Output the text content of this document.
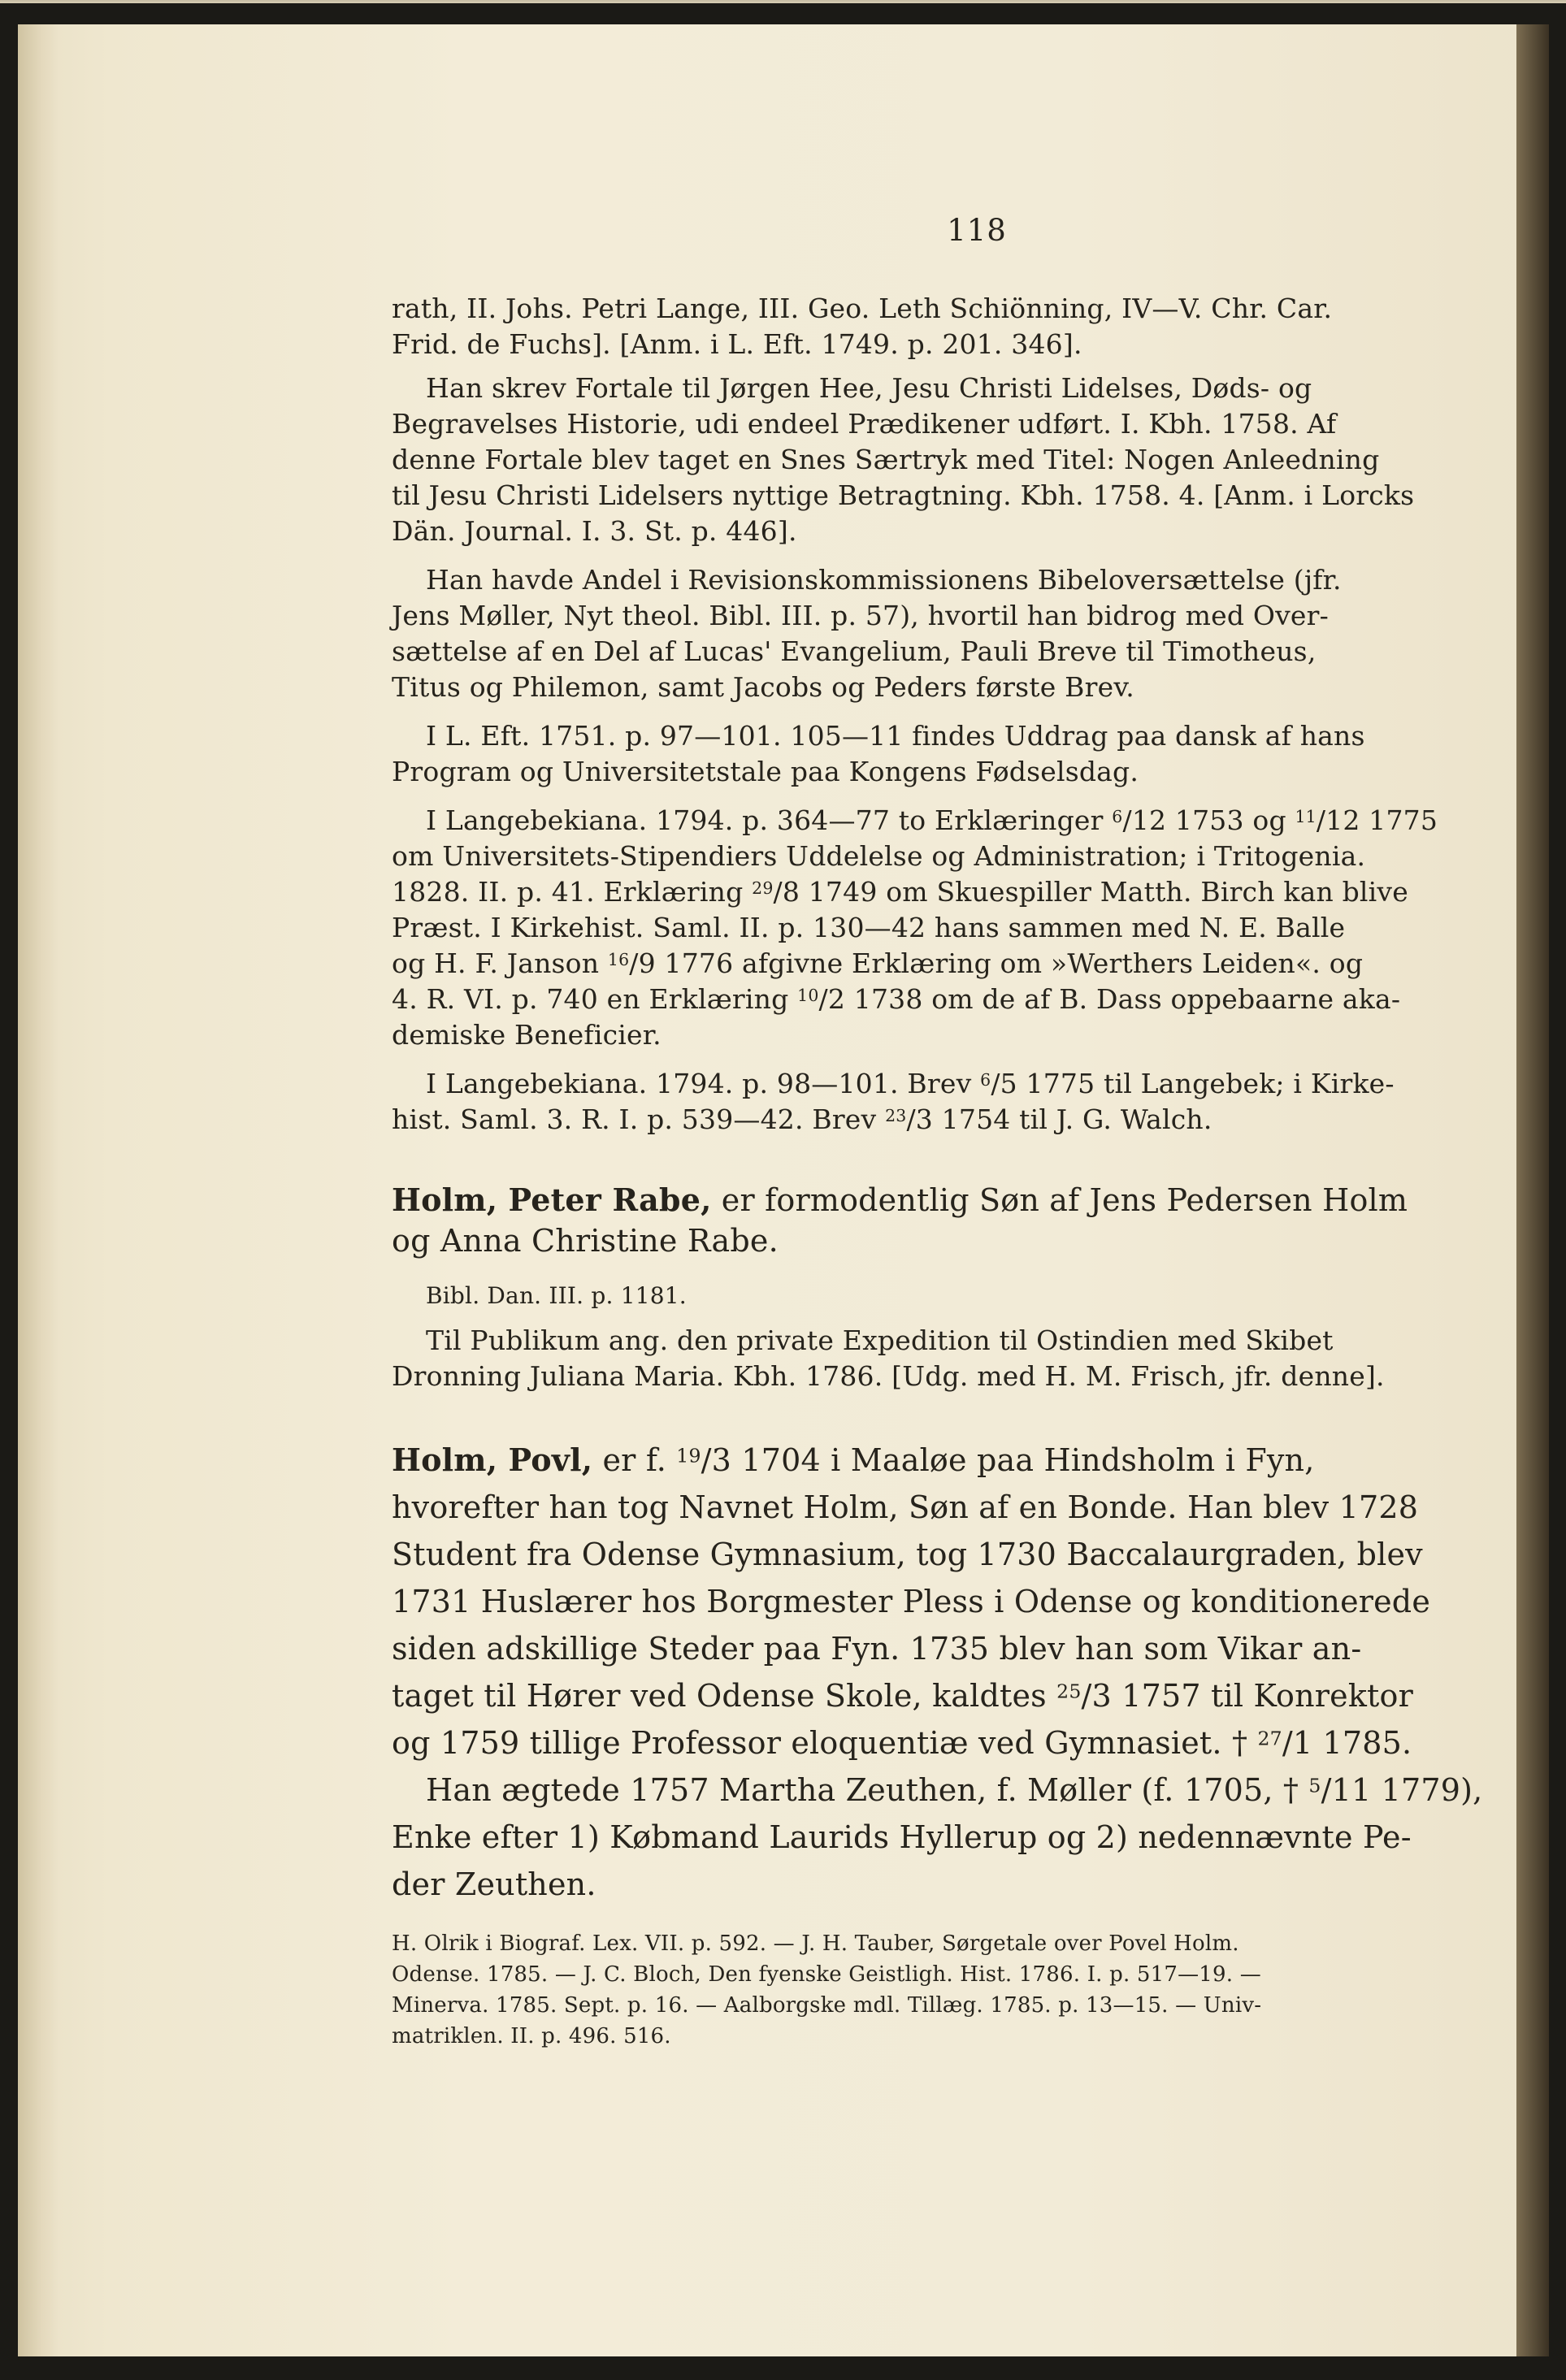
118

rath, II. Johs. Petri Lange, III. Geo. Leth Schiönning, IV—V. Chr. Car.

Frid. de Fuchs]. [Anm. i L. Eft. 1749. p. 201. 346].

Han skrev Fortale til Jørgen Hee, Jesu Christi Lidelses, Døds- og

Begravelses Historie, udi endeel Prædikener udført. I. Kbh. 1758. Af

denne Fortale blev taget en Snes Særtryk med Titel: Nogen Anleedning

til Jesu Christi Lidelsers nyttige Betragtning. Kbh. 1758. 4. [Anm. i Lorcks

Dän. Journal. I. 3. St. p. 446].

Han havde Andel i Revisionskommissionens Bibeloversættelse (jfr.

Jens Møller, Nyt theol. Bibl. III. p. 57), hvortil han bidrog med Over-

sættelse af en Del af Lucas' Evangelium, Pauli Breve til Timotheus,

Titus og Philemon, samt Jacobs og Peders første Brev.

I L. Eft. 1751. p. 97—101. 105—11 findes Uddrag paa dansk af hans

Program og Universitetstale paa Kongens Fødselsdag.

I Langebekiana. 1794. p. 364—77 to Erklæringer $^6$/12 1753 og $^{11}$/12 1775

om Universitets-Stipendiers Uddelelse og Administration; i Tritogenia.

1828. II. p. 41. Erklæring $^{29}$/8 1749 om Skuespiller Matth. Birch kan blive

Præst. I Kirkehist. Saml. II. p. 130—42 hans sammen med N. E. Balle

og H. F. Janson $^{16}$/9 1776 afgivne Erklæring om »Werthers Leiden«. og

4. R. VI. p. 740 en Erklæring $^{10}$/2 1738 om de af B. Dass oppebaarne aka-

demiske Beneficier.

I Langebekiana. 1794. p. 98—101. Brev $^6$/5 1775 til Langebek; i Kirke-

hist. Saml. 3. R. I. p. 539—42. Brev $^{23}$/3 1754 til J. G. Walch.

Holm, Peter Rabe, er formodentlig Søn af Jens Pedersen Holm

og Anna Christine Rabe.

Bibl. Dan. III. p. 1181.

Til Publikum ang. den private Expedition til Ostindien med Skibet

Dronning Juliana Maria. Kbh. 1786. [Udg. med H. M. Frisch, jfr. denne].

Holm, Povl, er f. $^{19}$/3 1704 i Maaløe paa Hindsholm i Fyn,

hvorefter han tog Navnet Holm, Søn af en Bonde. Han blev 1728

Student fra Odense Gymnasium, tog 1730 Baccalaurgraden, blev

1731 Huslærer hos Borgmester Pless i Odense og konditionerede

siden adskillige Steder paa Fyn. 1735 blev han som Vikar an-

taget til Hører ved Odense Skole, kaldtes $^{25}$/3 1757 til Konrektor

og 1759 tillige Professor eloquentiæ ved Gymnasiet. † $^{27}$/1 1785.

Han ægtede 1757 Martha Zeuthen, f. Møller (f. 1705, † $^5$/11 1779),

Enke efter 1) Købmand Laurids Hyllerup og 2) nedennævnte Pe-

der Zeuthen.

H. Olrik i Biograf. Lex. VII. p. 592. — J. H. Tauber, Sørgetale over Povel Holm.

Odense. 1785. — J. C. Bloch, Den fyenske Geistligh. Hist. 1786. I. p. 517—19. —

Minerva. 1785. Sept. p. 16. — Aalborgske mdl. Tillæg. 1785. p. 13—15. — Univ-

matriklen. II. p. 496. 516.
